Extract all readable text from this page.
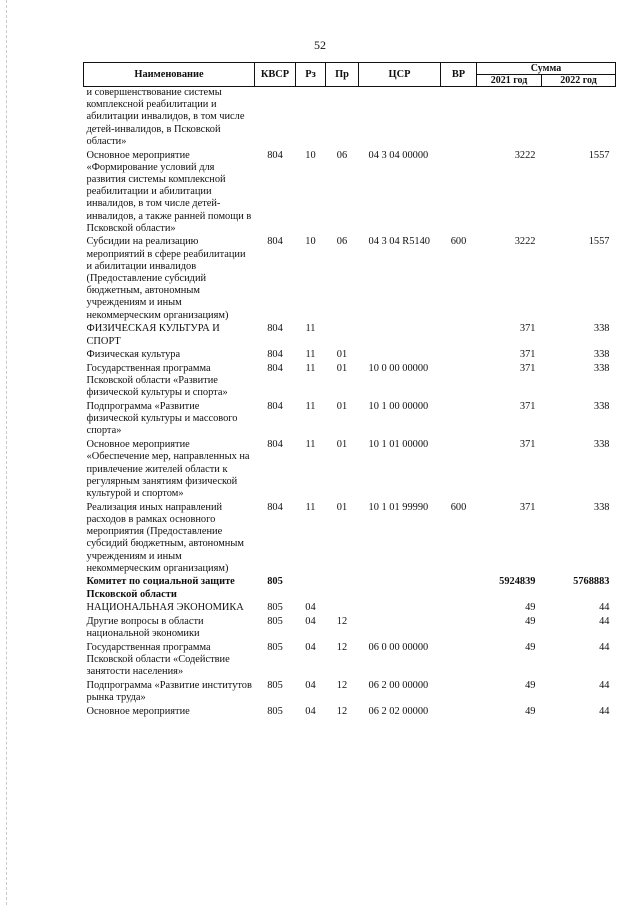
52
Наименование	КВСР	Рз	Пр	ЦСР	ВР	Сумма	
						2021 год	2022 год
и совершенствование системы комплексной реабилитации и абилитации инвалидов, в том числе детей-инвалидов, в Псковской области»							
Основное мероприятие «Формирование условий для развития системы комплексной реабилитации и абилитации инвалидов, в том числе детей-инвалидов, а также ранней помощи в Псковской области»	804	10	06	04 3 04 00000		3222	1557
Субсидии на реализацию мероприятий в сфере реабилитации и абилитации инвалидов (Предоставление субсидий бюджетным, автономным учреждениям и иным некоммерческим организациям)	804	10	06	04 3 04 R5140	600	3222	1557
ФИЗИЧЕСКАЯ КУЛЬТУРА И СПОРТ	804	11				371	338
Физическая культура	804	11	01			371	338
Государственная программа Псковской области «Развитие физической культуры и спорта»	804	11	01	10 0 00 00000		371	338
Подпрограмма «Развитие физической культуры и массового спорта»	804	11	01	10 1 00 00000		371	338
Основное мероприятие «Обеспечение мер, направленных на привлечение жителей области к регулярным занятиям физической культурой и спортом»	804	11	01	10 1 01 00000		371	338
Реализация иных направлений расходов в рамках основного мероприятия (Предоставление субсидий бюджетным, автономным учреждениям и иным некоммерческим организациям)	804	11	01	10 1 01 99990	600	371	338
Комитет по социальной защите Псковской области	805					5924839	5768883
НАЦИОНАЛЬНАЯ ЭКОНОМИКА	805	04				49	44
Другие вопросы в области национальной экономики	805	04	12			49	44
Государственная программа Псковской области «Содействие занятости населения»	805	04	12	06 0 00 00000		49	44
Подпрограмма «Развитие институтов рынка труда»	805	04	12	06 2 00 00000		49	44
Основное мероприятие	805	04	12	06 2 02 00000		49	44
